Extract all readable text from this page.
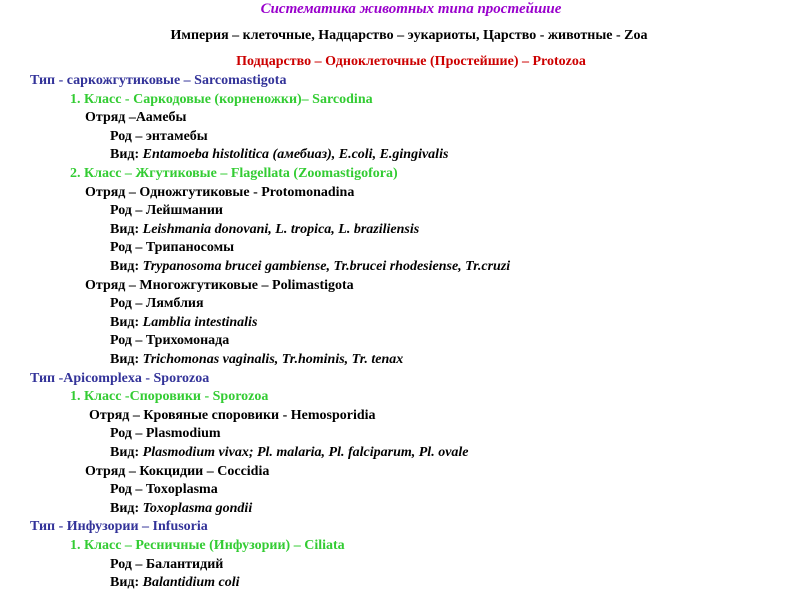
Систематика животных типа простейшие
Империя – клеточные, Надцарство – эукариоты, Царство - животные - Zoa
Подцарство – Одноклеточные (Простейшие) – Protozoa
Тип - саркожгутиковые – Sarcomastigota
1. Класс - Саркодовые (корненожки)– Sarcodina
Отряд –Аамебы
Род – энтамебы
Вид: Entamoeba histolitica (амебиаз), E.coli, E.gingivalis
2. Класс – Жгутиковые – Flagellata (Zoomastigofora)
Отряд – Одножгутиковые - Protomonadina
Род – Лейшмании
Вид: Leishmania donovani, L. tropica, L. braziliensis
Род – Трипаносомы
Вид: Trypanosoma brucei gambiense, Tr.brucei rhodesiense, Tr.cruzi
Отряд – Многожгутиковые – Polimastigota
Род – Лямблия
Вид: Lamblia intestinalis
Род – Трихомонада
Вид: Trichomonas vaginalis, Tr.hominis, Tr. tenax
Тип -Apicomplexa - Sporozoa
1. Класс -Споровики - Sporozoa
Отряд – Кровяные споровики - Hemosporidia
Род – Plasmodium
Вид: Plasmodium vivax; Pl. malaria, Pl. falciparum, Pl. ovale
Отряд – Кокцидии – Coccidia
Род – Toxoplasma
Вид: Toxoplasma gondii
Тип - Инфузории – Infusoria
1. Класс – Ресничные (Инфузории) – Ciliata
Род – Балантидий
Вид: Balantidium coli
